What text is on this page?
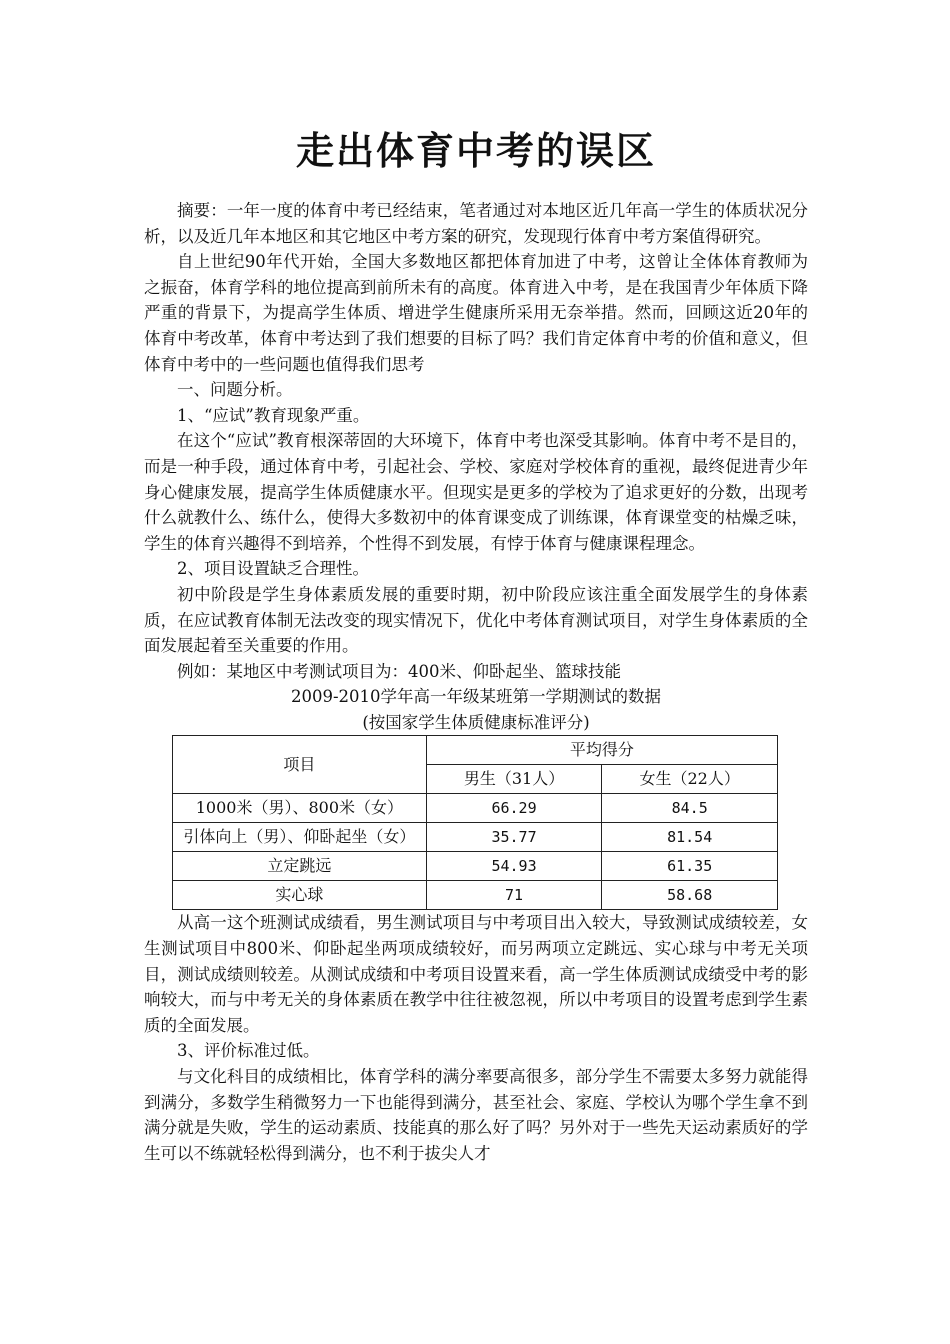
走出体育中考的误区

摘要：一年一度的体育中考已经结束，笔者通过对本地区近几年高一学生的体质状况分析，以及近几年本地区和其它地区中考方案的研究，发现现行体育中考方案值得研究。

自上世纪90年代开始，全国大多数地区都把体育加进了中考，这曾让全体体育教师为之振奋，体育学科的地位提高到前所未有的高度。体育进入中考，是在我国青少年体质下降严重的背景下，为提高学生体质、增进学生健康所采用无奈举措。然而，回顾这近20年的体育中考改革，体育中考达到了我们想要的目标了吗？我们肯定体育中考的价值和意义，但体育中考中的一些问题也值得我们思考

一、问题分析。

1、“应试”教育现象严重。

在这个“应试”教育根深蒂固的大环境下，体育中考也深受其影响。体育中考不是目的，而是一种手段，通过体育中考，引起社会、学校、家庭对学校体育的重视，最终促进青少年身心健康发展，提高学生体质健康水平。但现实是更多的学校为了追求更好的分数，出现考什么就教什么、练什么，使得大多数初中的体育课变成了训练课，体育课堂变的枯燥乏味，学生的体育兴趣得不到培养，个性得不到发展，有悖于体育与健康课程理念。

2、项目设置缺乏合理性。

初中阶段是学生身体素质发展的重要时期，初中阶段应该注重全面发展学生的身体素质，在应试教育体制无法改变的现实情况下，优化中考体育测试项目，对学生身体素质的全面发展起着至关重要的作用。

例如：某地区中考测试项目为：400米、仰卧起坐、篮球技能

2009-2010学年高一年级某班第一学期测试的数据

(按国家学生体质健康标准评分)

项目	平均得分	
	男生（31人）	女生（22人）
1000米（男）、800米（女）	66.29	84.5
引体向上（男）、仰卧起坐（女）	35.77	81.54
立定跳远	54.93	61.35
实心球	71	58.68

从高一这个班测试成绩看，男生测试项目与中考项目出入较大，导致测试成绩较差，女生测试项目中800米、仰卧起坐两项成绩较好，而另两项立定跳远、实心球与中考无关项目，测试成绩则较差。从测试成绩和中考项目设置来看，高一学生体质测试成绩受中考的影响较大，而与中考无关的身体素质在教学中往往被忽视，所以中考项目的设置考虑到学生素质的全面发展。

3、评价标准过低。

与文化科目的成绩相比，体育学科的满分率要高很多，部分学生不需要太多努力就能得到满分，多数学生稍微努力一下也能得到满分，甚至社会、家庭、学校认为哪个学生拿不到满分就是失败，学生的运动素质、技能真的那么好了吗？另外对于一些先天运动素质好的学生可以不练就轻松得到满分，也不利于拔尖人才
